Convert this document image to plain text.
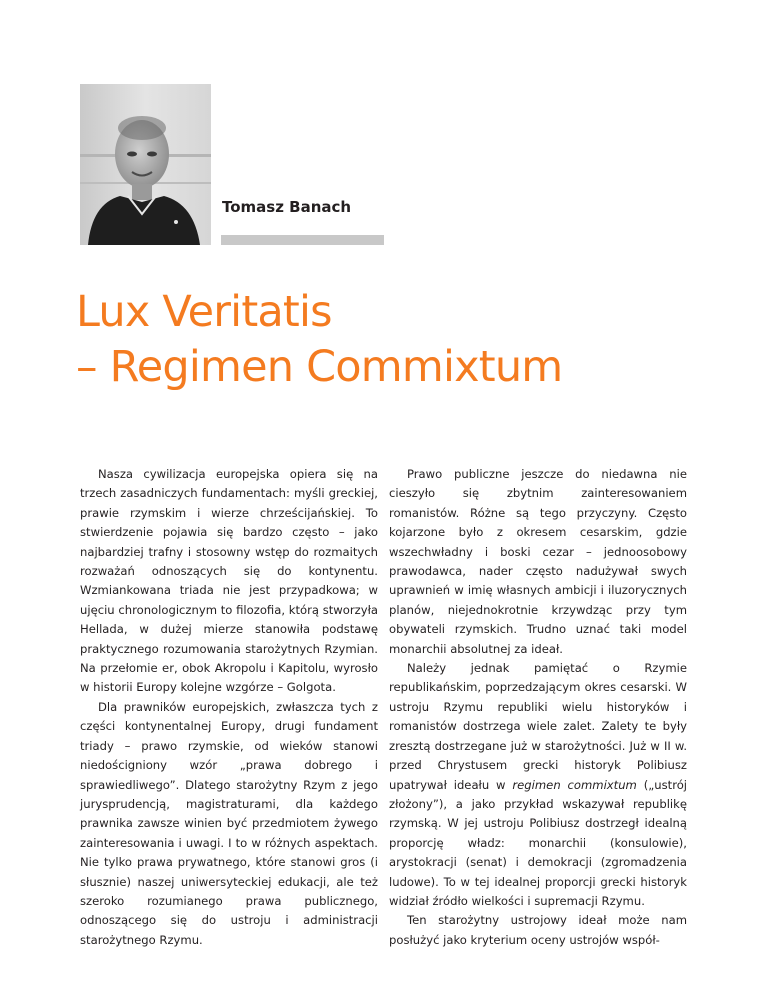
Tomasz Banach
Lux Veritatis
– Regimen Commixtum

Nasza cywilizacja europejska opiera się na trzech zasadniczych fundamentach: myśli greckiej, prawie rzymskim i wierze chrześcijańskiej. To stwierdzenie pojawia się bardzo często – jako najbardziej trafny i stosowny wstęp do rozmaitych rozważań odnoszących się do kontynentu. Wzmiankowana triada nie jest przypadkowa; w ujęciu chronologicznym to filozofia, którą stworzyła Hellada, w dużej mierze stanowiła podstawę praktycznego rozumowania starożytnych Rzymian. Na przełomie er, obok Akropolu i Kapitolu, wyrosło w historii Europy kolejne wzgórze – Golgota.

Dla prawników europejskich, zwłaszcza tych z części kontynentalnej Europy, drugi fundament triady – prawo rzymskie, od wieków stanowi niedościgniony wzór „prawa dobrego i sprawiedliwego”. Dlatego starożytny Rzym z jego jurysprudencją, magistraturami, dla każdego prawnika zawsze winien być przedmiotem żywego zainteresowania i uwagi. I to w różnych aspektach. Nie tylko prawa prywatnego, które stanowi gros (i słusznie) naszej uniwersyteckiej edukacji, ale też szeroko rozumianego prawa publicznego, odnoszącego się do ustroju i administracji starożytnego Rzymu.

Prawo publiczne jeszcze do niedawna nie cieszyło się zbytnim zainteresowaniem romanistów. Różne są tego przyczyny. Często kojarzone było z okresem cesarskim, gdzie wszechwładny i boski cezar – jednoosobowy prawodawca, nader często nadużywał swych uprawnień w imię własnych ambicji i iluzorycznych planów, niejednokrotnie krzywdząc przy tym obywateli rzymskich. Trudno uznać taki model monarchii absolutnej za ideał.

Należy jednak pamiętać o Rzymie republikańskim, poprzedzającym okres cesarski. W ustroju Rzymu republiki wielu historyków i romanistów dostrzega wiele zalet. Zalety te były zresztą dostrzegane już w starożytności. Już w II w. przed Chrystusem grecki historyk Polibiusz upatrywał ideału w regimen commixtum („ustrój złożony”), a jako przykład wskazywał republikę rzymską. W jej ustroju Polibiusz dostrzegł idealną proporcję władz: monarchii (konsulowie), arystokracji (senat) i demokracji (zgromadzenia ludowe). To w tej idealnej proporcji grecki historyk widział źródło wielkości i supremacji Rzymu.

Ten starożytny ustrojowy ideał może nam posłużyć jako kryterium oceny ustrojów współ-
